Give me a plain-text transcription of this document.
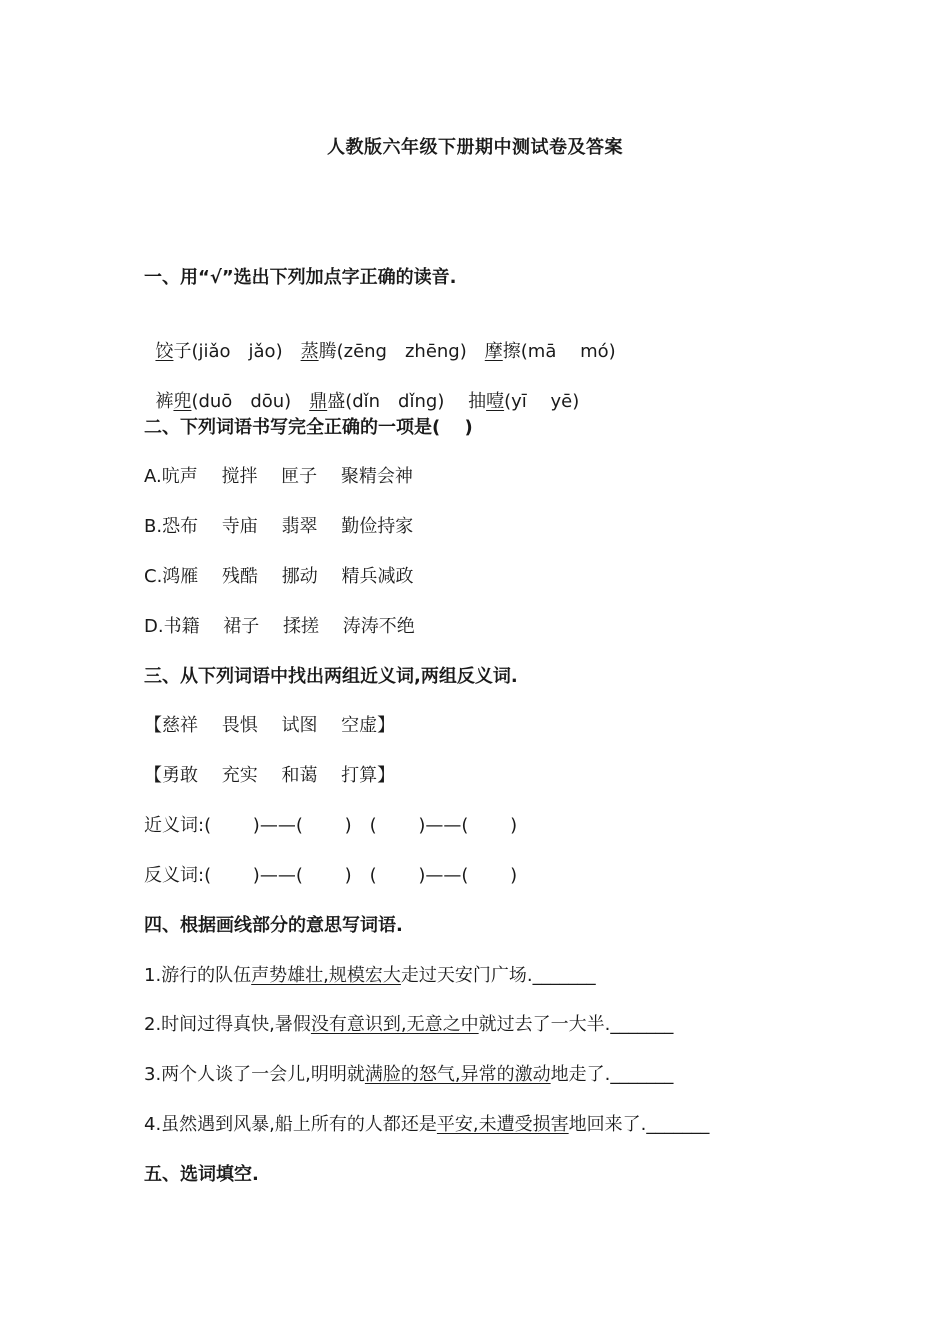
人教版六年级下册期中测试卷及答案
一、用“√”选出下列加点字正确的读音.

饺子(jiǎo　jǎo)　蒸腾(zēng　zhēng)　摩擦(mā　 mó)

裤兜(duō　dōu)　鼎盛(dǐn　dǐng)　 抽噎(yī　 yē)

二、下列词语书写完全正确的一项是(　 )
A.吭声　 搅拌　 匣子　 聚精会神
B.恐布　 寺庙　 翡翠　 勤俭持家
C.鸿雁　 残酷　 挪动　 精兵减政
D.书籍　 裙子　 揉搓　 涛涛不绝
三、从下列词语中找出两组近义词,两组反义词.
【慈祥　 畏惧　 试图　 空虚】
【勇敢　 充实　 和蔼　 打算】
近义词:(　　 )——(　　 )　(　　 )——(　　 )
反义词:(　　 )——(　　 )　(　　 )——(　　 )
四、根据画线部分的意思写词语.
1.游行的队伍声势雄壮,规模宏大走过天安门广场._______
2.时间过得真快,暑假没有意识到,无意之中就过去了一大半._______
3.两个人谈了一会儿,明明就满脸的怒气,异常的激动地走了._______
4.虽然遇到风暴,船上所有的人都还是平安,未遭受损害地回来了._______
五、选词填空.
